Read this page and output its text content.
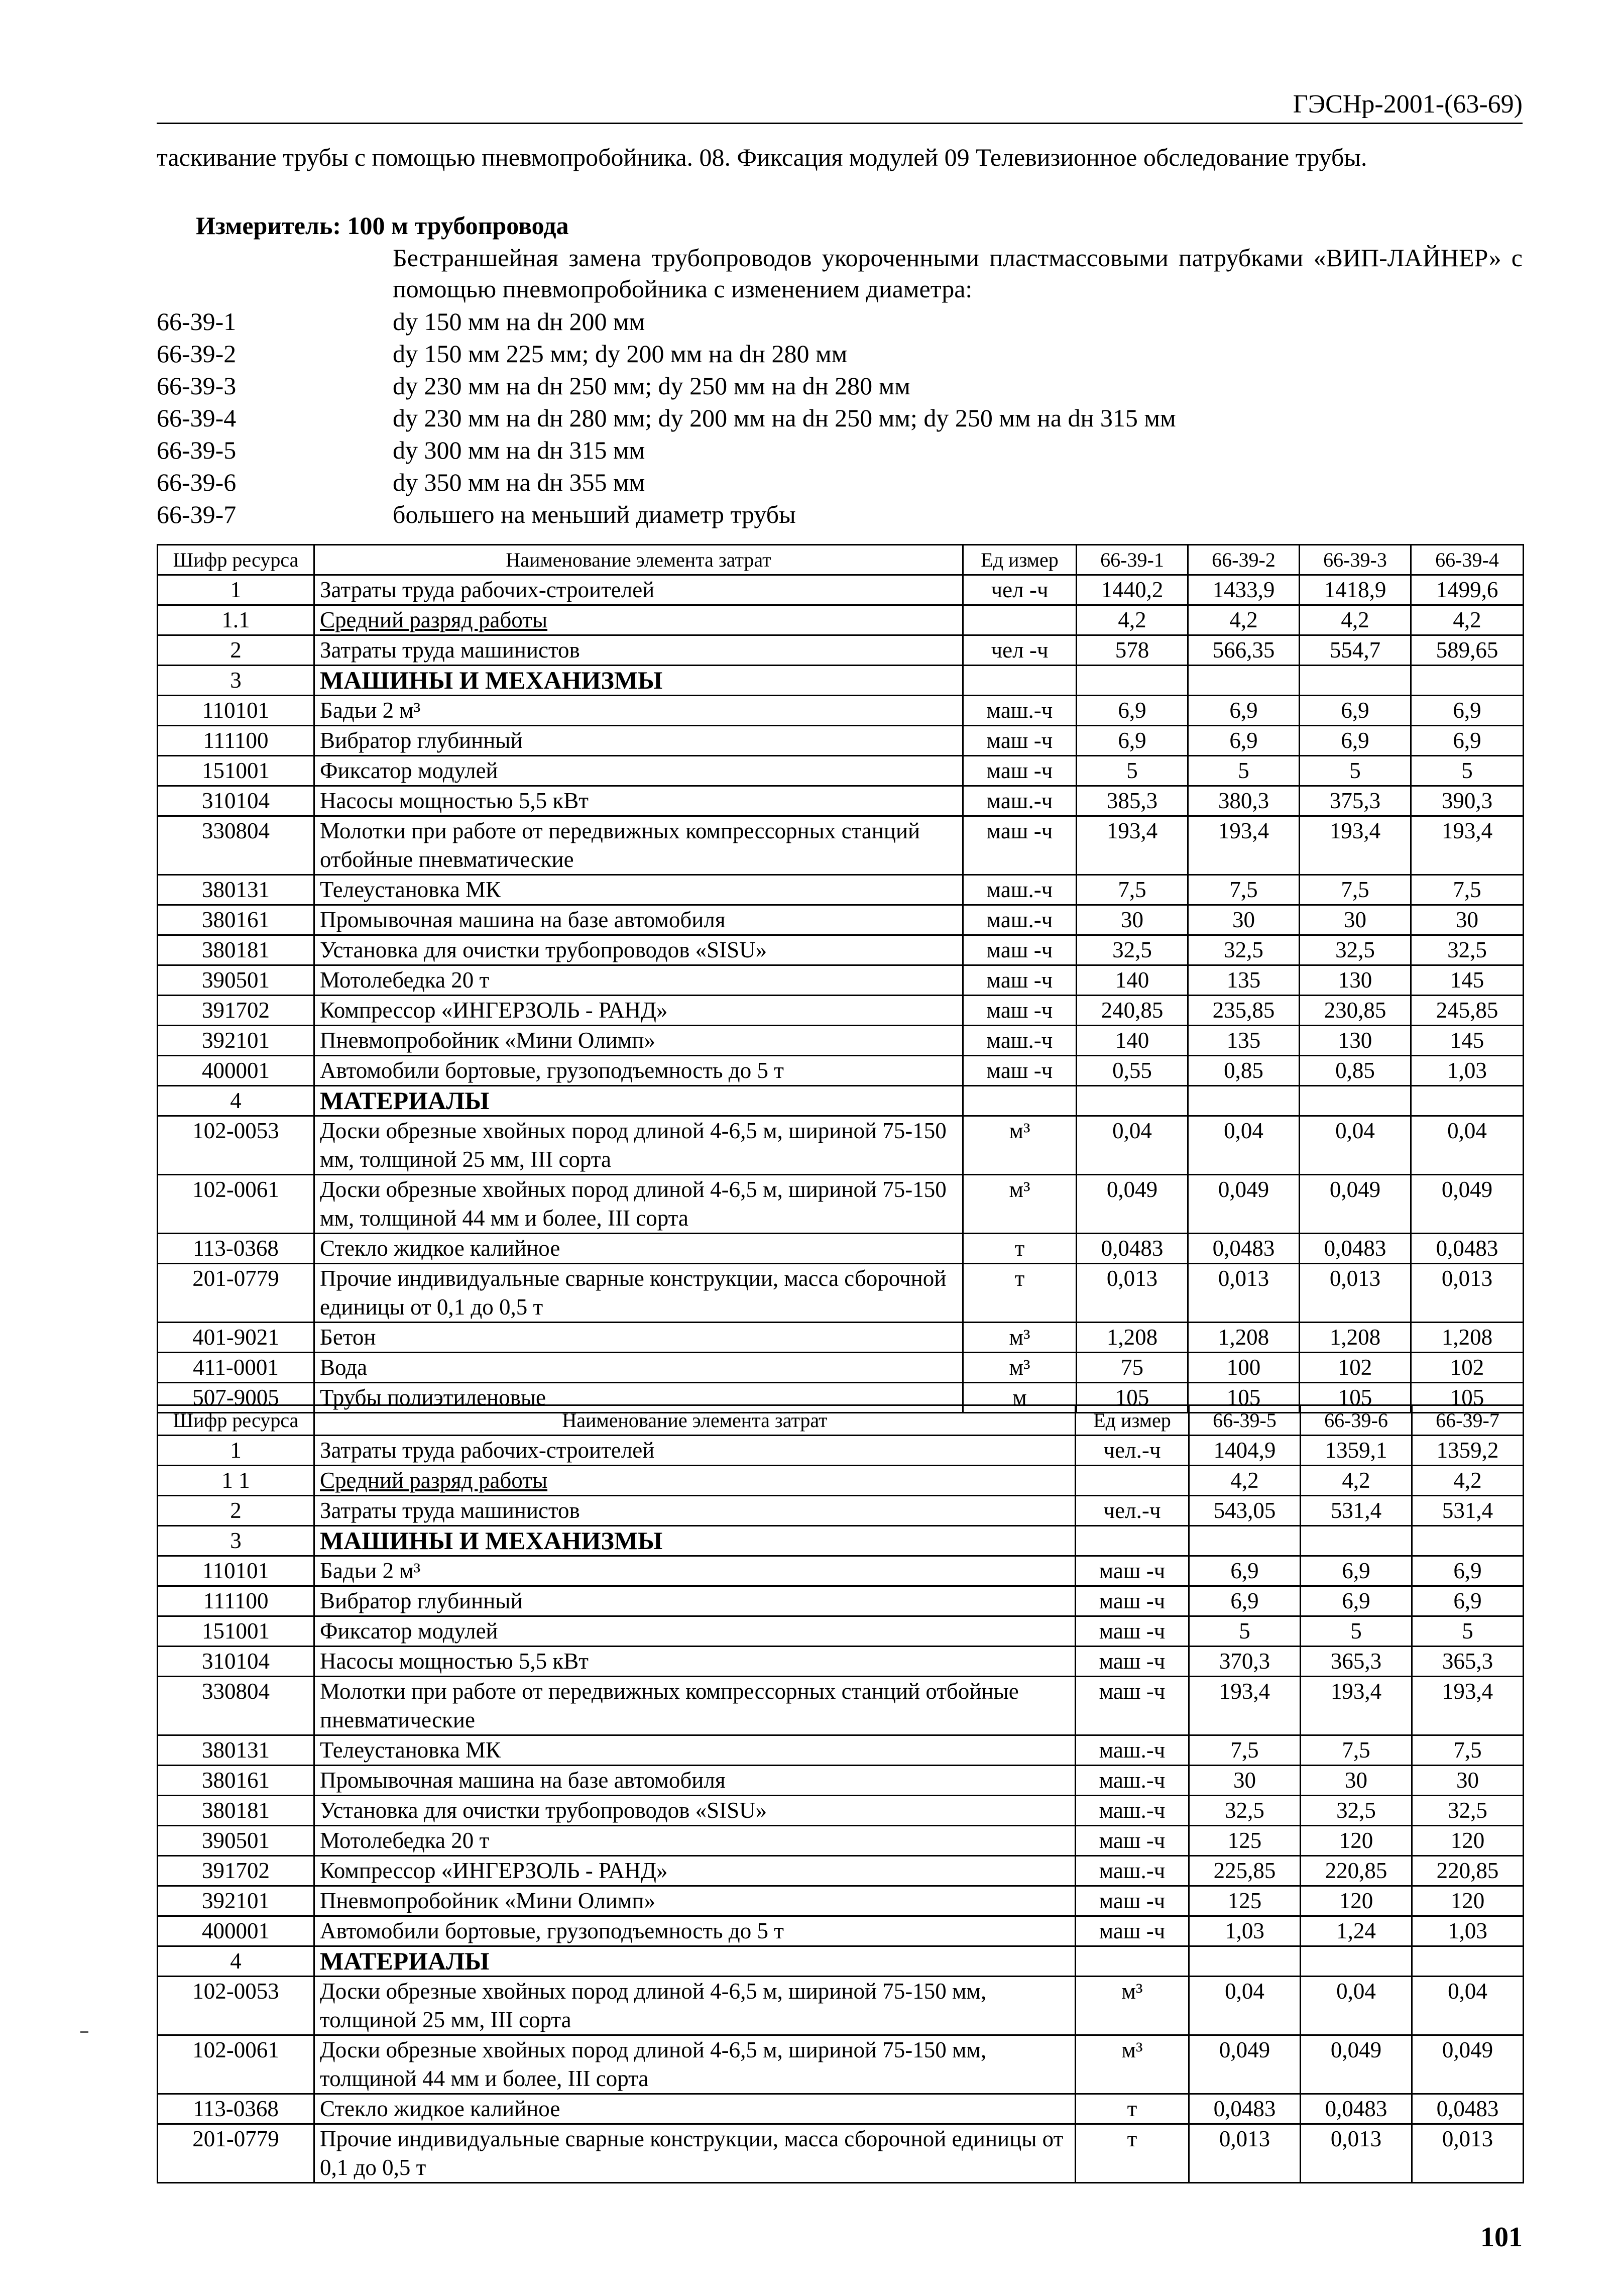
ГЭСНр-2001-(63-69)
таскивание трубы с помощью пневмопробойника. 08. Фиксация модулей 09 Телевизионное обследование трубы.
Измеритель: 100 м трубопровода
Бестраншейная замена трубопроводов укороченными пластмассовыми патрубками «ВИП-ЛАЙНЕР» с помощью пневмопробойника с изменением диаметра:
66-39-1	dy 150 мм на dн 200 мм
66-39-2	dy 150 мм 225 мм; dy 200 мм на dн 280 мм
66-39-3	dy 230 мм на dн 250 мм; dy 250 мм на dн 280 мм
66-39-4	dy 230 мм на dн 280 мм; dy 200 мм на dн 250 мм; dy 250 мм на dн 315 мм
66-39-5	dy 300 мм на dн 315 мм
66-39-6	dy 350 мм на dн 355 мм
66-39-7	большего на меньший диаметр трубы
Шифр ресурса	Наименование элемента затрат	Ед измер	66-39-1	66-39-2	66-39-3	66-39-4
1	Затраты труда рабочих-строителей	чел -ч	1440,2	1433,9	1418,9	1499,6
1.1	Средний разряд работы		4,2	4,2	4,2	4,2
2	Затраты труда машинистов	чел -ч	578	566,35	554,7	589,65
3	МАШИНЫ И МЕХАНИЗМЫ					
110101	Бадьи 2 м³	маш.-ч	6,9	6,9	6,9	6,9
111100	Вибратор глубинный	маш -ч	6,9	6,9	6,9	6,9
151001	Фиксатор модулей	маш -ч	5	5	5	5
310104	Насосы мощностью 5,5 кВт	маш.-ч	385,3	380,3	375,3	390,3
330804	Молотки при работе от передвижных компрессорных станций отбойные пневматические	маш -ч	193,4	193,4	193,4	193,4
380131	Телеустановка МК	маш.-ч	7,5	7,5	7,5	7,5
380161	Промывочная машина на базе автомобиля	маш.-ч	30	30	30	30
380181	Установка для очистки трубопроводов «SISU»	маш -ч	32,5	32,5	32,5	32,5
390501	Мотолебедка 20 т	маш -ч	140	135	130	145
391702	Компрессор «ИНГЕРЗОЛЬ - РАНД»	маш -ч	240,85	235,85	230,85	245,85
392101	Пневмопробойник «Мини Олимп»	маш.-ч	140	135	130	145
400001	Автомобили бортовые, грузоподъемность до 5 т	маш -ч	0,55	0,85	0,85	1,03
4	МАТЕРИАЛЫ					
102-0053	Доски обрезные хвойных пород длиной 4-6,5 м, шириной 75-150 мм, толщиной 25 мм, III сорта	м³	0,04	0,04	0,04	0,04
102-0061	Доски обрезные хвойных пород длиной 4-6,5 м, шириной 75-150 мм, толщиной 44 мм и более, III сорта	м³	0,049	0,049	0,049	0,049
113-0368	Стекло жидкое калийное	т	0,0483	0,0483	0,0483	0,0483
201-0779	Прочие индивидуальные сварные конструкции, масса сборочной единицы от 0,1 до 0,5 т	т	0,013	0,013	0,013	0,013
401-9021	Бетон	м³	1,208	1,208	1,208	1,208
411-0001	Вода	м³	75	100	102	102
507-9005	Трубы полиэтиленовые	м	105	105	105	105
Шифр ресурса	Наименование элемента затрат	Ед измер	66-39-5	66-39-6	66-39-7
1	Затраты труда рабочих-строителей	чел.-ч	1404,9	1359,1	1359,2
1 1	Средний разряд работы		4,2	4,2	4,2
2	Затраты труда машинистов	чел.-ч	543,05	531,4	531,4
3	МАШИНЫ И МЕХАНИЗМЫ				
110101	Бадьи 2 м³	маш -ч	6,9	6,9	6,9
111100	Вибратор глубинный	маш -ч	6,9	6,9	6,9
151001	Фиксатор модулей	маш -ч	5	5	5
310104	Насосы мощностью 5,5 кВт	маш -ч	370,3	365,3	365,3
330804	Молотки при работе от передвижных компрессорных станций отбойные пневматические	маш -ч	193,4	193,4	193,4
380131	Телеустановка МК	маш.-ч	7,5	7,5	7,5
380161	Промывочная машина на базе автомобиля	маш.-ч	30	30	30
380181	Установка для очистки трубопроводов «SISU»	маш.-ч	32,5	32,5	32,5
390501	Мотолебедка 20 т	маш -ч	125	120	120
391702	Компрессор «ИНГЕРЗОЛЬ - РАНД»	маш.-ч	225,85	220,85	220,85
392101	Пневмопробойник «Мини Олимп»	маш -ч	125	120	120
400001	Автомобили бортовые, грузоподъемность до 5 т	маш -ч	1,03	1,24	1,03
4	МАТЕРИАЛЫ				
102-0053	Доски обрезные хвойных пород длиной 4-6,5 м, шириной 75-150 мм, толщиной 25 мм, III сорта	м³	0,04	0,04	0,04
102-0061	Доски обрезные хвойных пород длиной 4-6,5 м, шириной 75-150 мм, толщиной 44 мм и более, III сорта	м³	0,049	0,049	0,049
113-0368	Стекло жидкое калийное	т	0,0483	0,0483	0,0483
201-0779	Прочие индивидуальные сварные конструкции, масса сборочной единицы от 0,1 до 0,5 т	т	0,013	0,013	0,013
101
